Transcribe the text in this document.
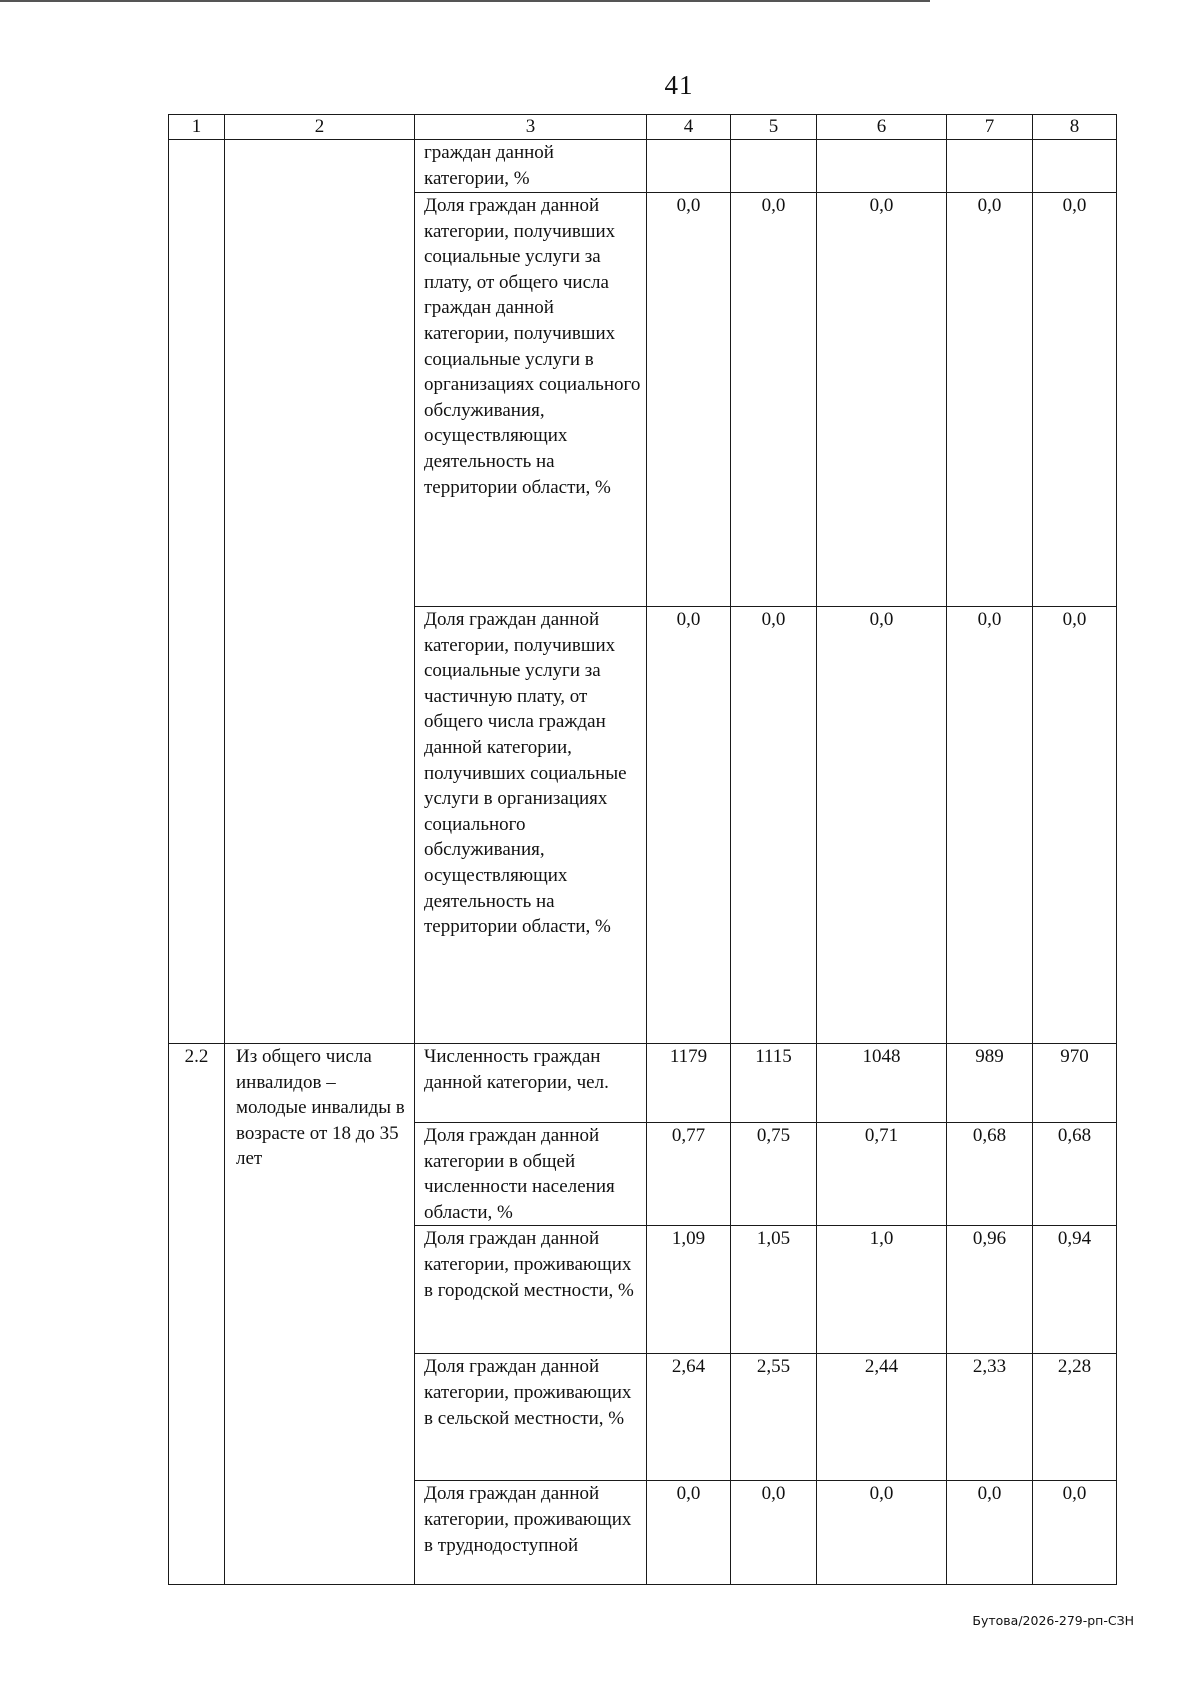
41
1	2	3	4	5	6	7	8
		граждан данной категории, %					
		Доля граждан данной категории, получивших социальные услуги за плату, от общего числа граждан данной категории, получивших социальные услуги в организациях социального обслуживания, осуществляющих деятельность на территории области, %	0,0	0,0	0,0	0,0	0,0
		Доля граждан данной категории, получивших социальные услуги за частичную плату, от общего числа граждан данной категории, получивших социальные услуги в организациях социального обслуживания, осуществляющих деятельность на территории области, %	0,0	0,0	0,0	0,0	0,0
2.2	Из общего числа инвалидов – молодые инвалиды в возрасте от 18 до 35 лет	Численность граждан данной категории, чел.	1179	1115	1048	989	970
		Доля граждан данной категории в общей численности населения области, %	0,77	0,75	0,71	0,68	0,68
		Доля граждан данной категории, проживающих в городской местности, %	1,09	1,05	1,0	0,96	0,94
		Доля граждан данной категории, проживающих в сельской местности, %	2,64	2,55	2,44	2,33	2,28
		Доля граждан данной категории, проживающих в труднодоступной	0,0	0,0	0,0	0,0	0,0
Бутова/2026-279-рп-СЗН
